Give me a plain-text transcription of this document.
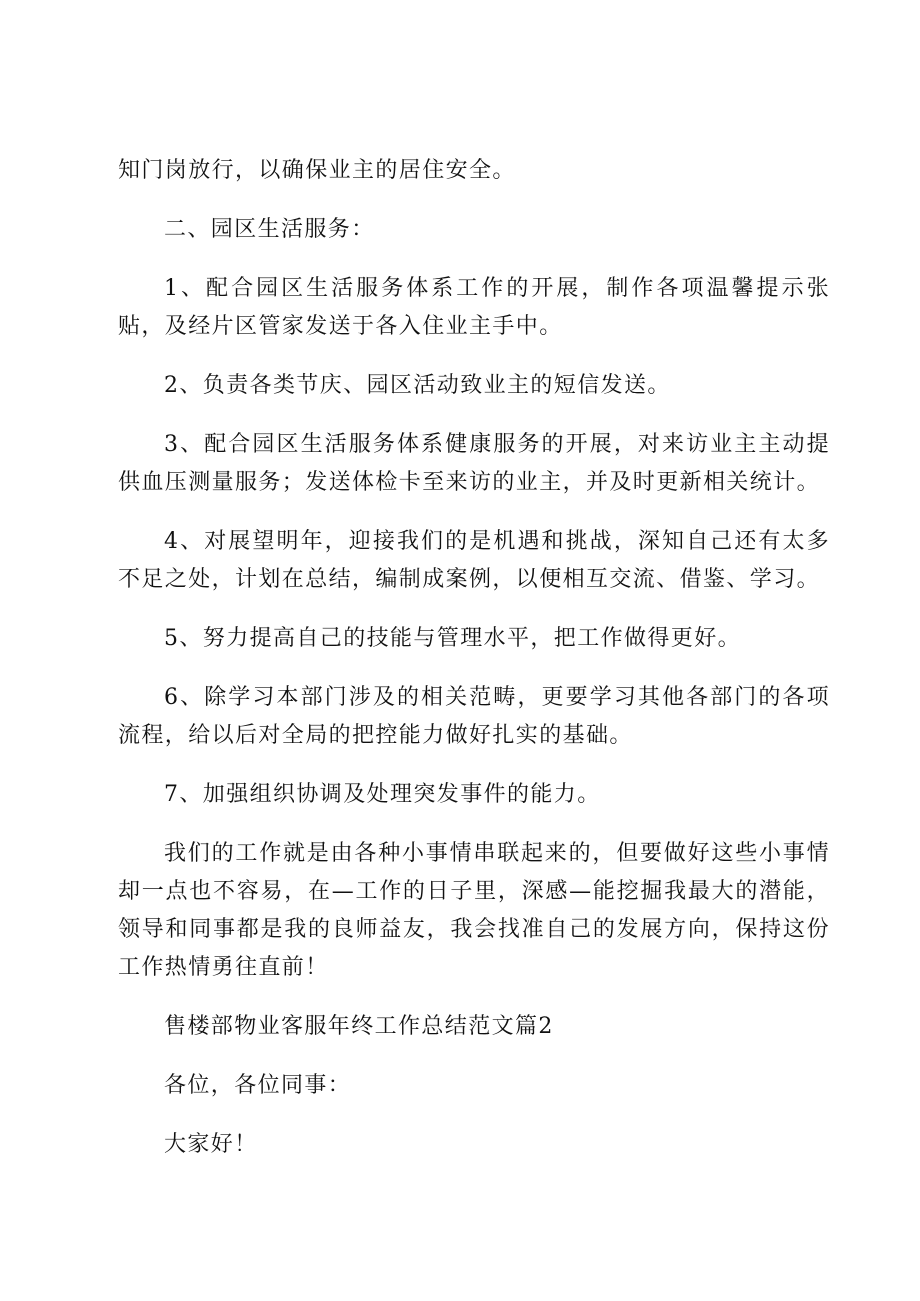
知门岗放行，以确保业主的居住安全。

二、园区生活服务：

1、配合园区生活服务体系工作的开展，制作各项温馨提示张贴，及经片区管家发送于各入住业主手中。

2、负责各类节庆、园区活动致业主的短信发送。

3、配合园区生活服务体系健康服务的开展，对来访业主主动提供血压测量服务；发送体检卡至来访的业主，并及时更新相关统计。

4、对展望明年，迎接我们的是机遇和挑战，深知自己还有太多不足之处，计划在总结，编制成案例，以便相互交流、借鉴、学习。

5、努力提高自己的技能与管理水平，把工作做得更好。

6、除学习本部门涉及的相关范畴，更要学习其他各部门的各项流程，给以后对全局的把控能力做好扎实的基础。

7、加强组织协调及处理突发事件的能力。

我们的工作就是由各种小事情串联起来的，但要做好这些小事情却一点也不容易，在—工作的日子里，深感—能挖掘我最大的潜能，领导和同事都是我的良师益友，我会找准自己的发展方向，保持这份工作热情勇往直前！

售楼部物业客服年终工作总结范文篇2

各位，各位同事：

大家好！
